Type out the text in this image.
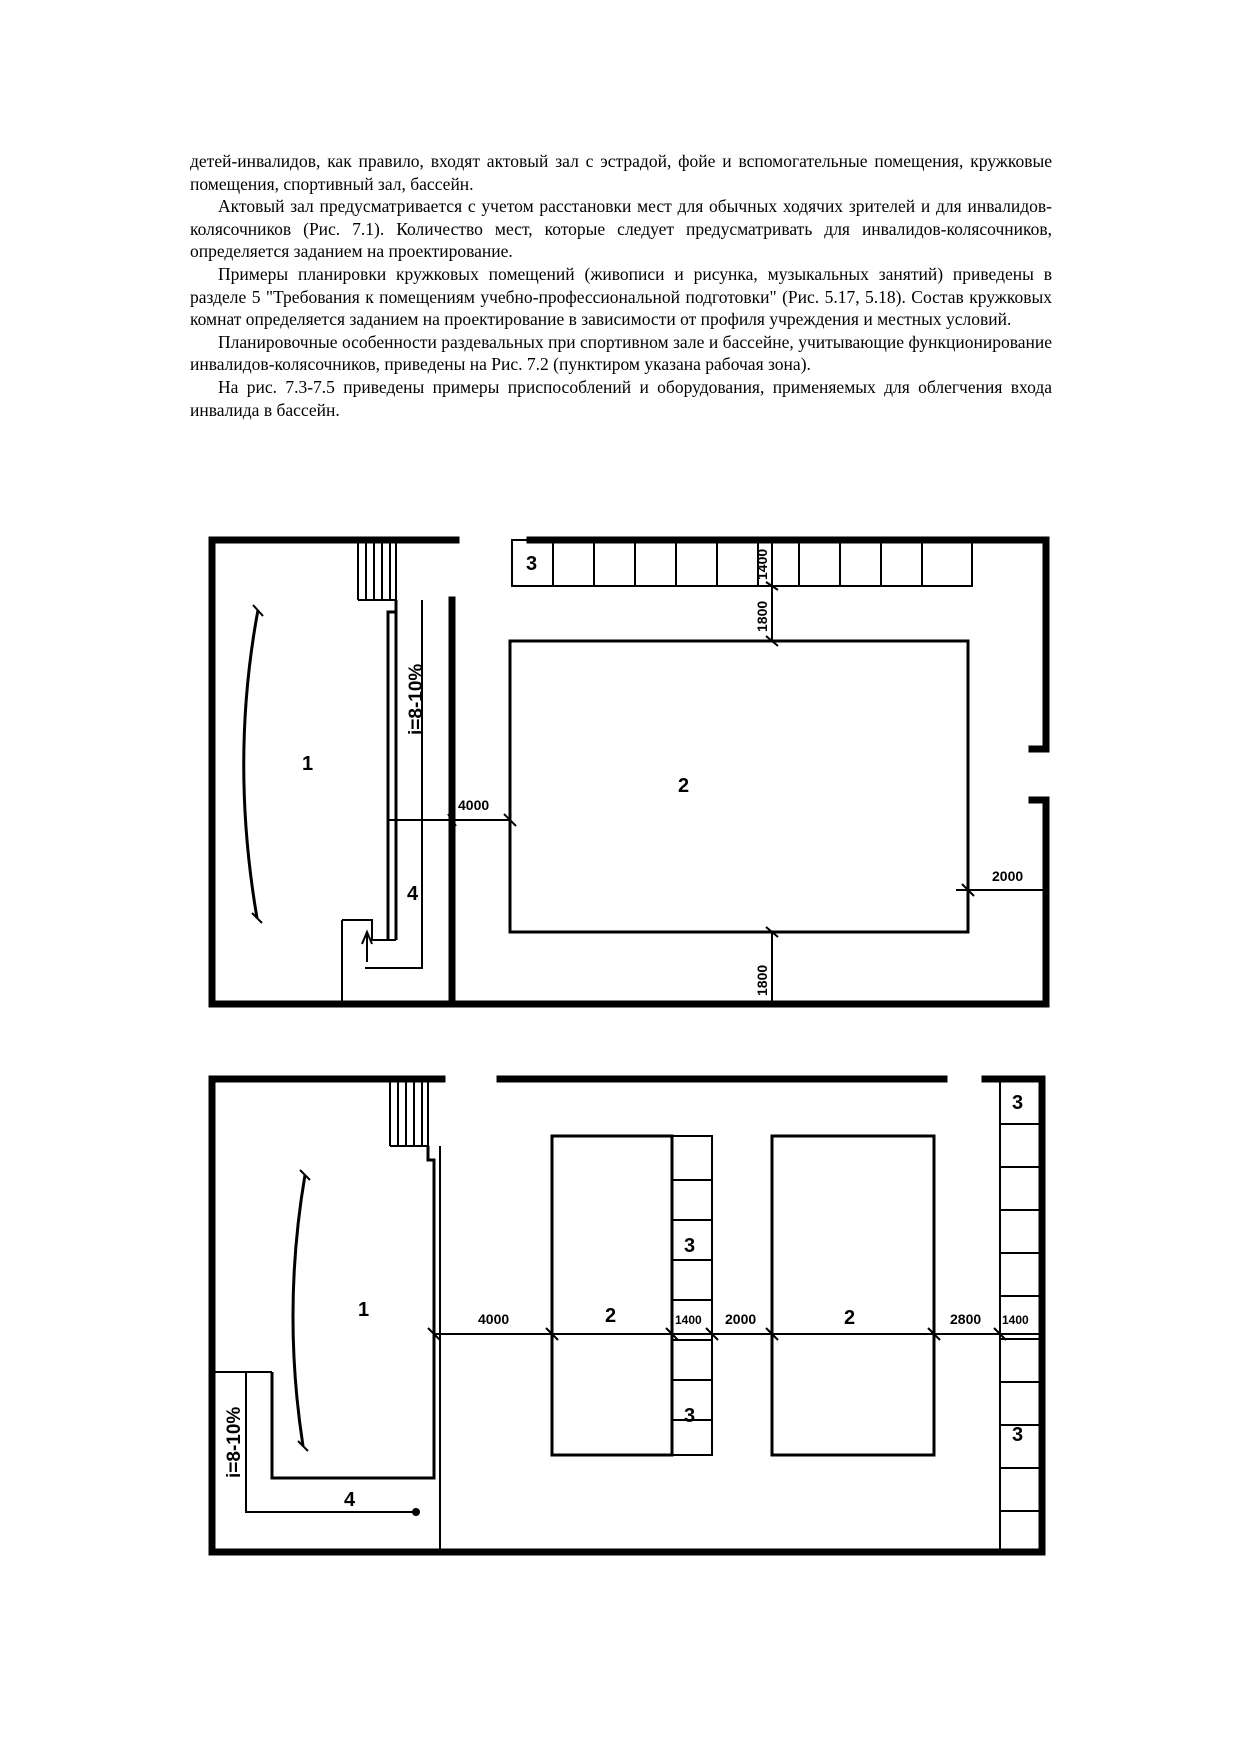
детей-инвалидов, как правило, входят актовый зал с эстрадой, фойе и вспомогательные помещения, кружковые помещения, спортивный зал, бассейн.

Актовый зал предусматривается с учетом расстановки мест для обычных ходячих зрителей и для инвалидов-колясочников (Рис. 7.1). Количество мест, которые следует предусматривать для инвалидов-колясочников, определяется заданием на проектирование.

Примеры планировки кружковых помещений (живописи и рисунка, музыкальных занятий) приведены в разделе 5 "Требования к помещениям учебно-профессиональной подготовки" (Рис. 5.17, 5.18). Состав кружковых комнат определяется заданием на проектирование в зависимости от профиля учреждения и местных условий.

Планировочные особенности раздевальных при спортивном зале и бассейне, учитывающие функционирование инвалидов-колясочников, приведены на Рис. 7.2 (пунктиром указана рабочая зона).

На рис. 7.3-7.5 приведены примеры приспособлений и оборудования, применяемых для облегчения входа инвалида в бассейн.

3
4
i=8-10%
1
2
4000
1400
1800
1800
2000
3
3
4
i=8-10%
1	2
3
3
2
4000	1400 2000	2800 1400
